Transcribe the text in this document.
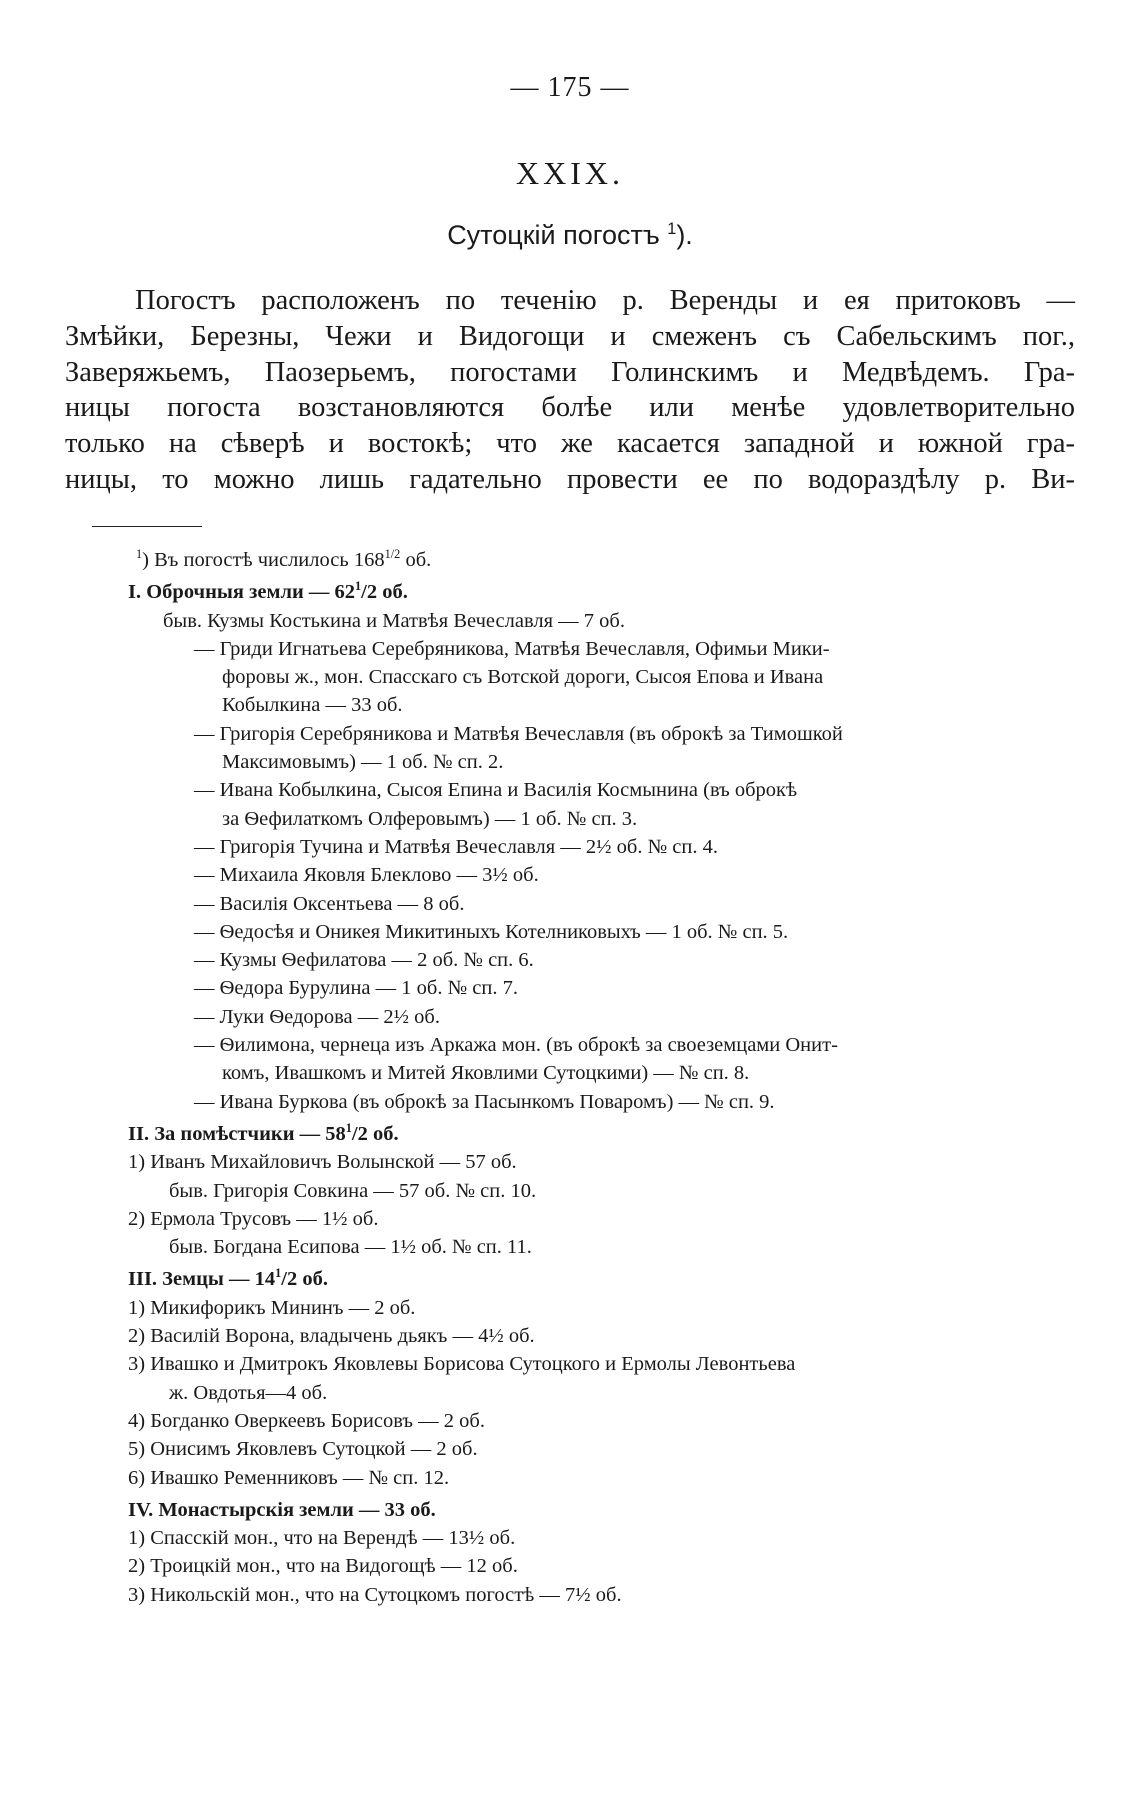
— 175 —
XXIX.
Сутоцкій погостъ $^1$).
Погостъ расположенъ по теченію р. Веренды и ея притоковъ —
Змѣйки, Березны, Чежи и Видогощи и смеженъ съ Сабельскимъ пог.,
Заверяжьемъ, Паозерьемъ, погостами Голинскимъ и Медвѣдемъ. Гра-
ницы погоста возстановляются болѣе или менѣе удовлетворительно
только на сѣверѣ и востокѣ; что же касается западной и южной гра-
ницы, то можно лишь гадательно провести ее по водораздѣлу р. Ви-
$^1$) Въ погостѣ числилось $168^{1/2}$ об.
I. Оброчныя земли — $62^1/2$ об.
быв. Кузмы Костькина и Матвѣя Вечеславля — 7 об.
— Гриди Игнатьева Серебряникова, Матвѣя Вечеславля, Офимьи Мики-
форовы ж., мон. Спасскаго съ Вотской дороги, Сысоя Епова и Ивана
Кобылкина — 33 об.
— Григорія Серебряникова и Матвѣя Вечеславля (въ оброкѣ за Тимошкой
Максимовымъ) — 1 об. № сп. 2.
— Ивана Кобылкина, Сысоя Епина и Василія Космынина (въ оброкѣ
за Ѳефилаткомъ Олферовымъ) — 1 об. № сп. 3.
— Григорія Тучина и Матвѣя Вечеславля — 2½ об. № сп. 4.
— Михаила Яковля Блеклово — 3½ об.
— Василія Оксентьева — 8 об.
— Ѳедосѣя и Оникея Микитиныхъ Котелниковыхъ — 1 об. № сп. 5.
— Кузмы Ѳефилатова — 2 об. № сп. 6.
— Ѳедора Бурулина — 1 об. № сп. 7.
— Луки Ѳедорова — 2½ об.
— Ѳилимона, чернеца изъ Аркажа мон. (въ оброкѣ за своеземцами Онит-
комъ, Ивашкомъ и Митей Яковлими Сутоцкими) — № сп. 8.
— Ивана Буркова (въ оброкѣ за Пасынкомъ Поваромъ) — № сп. 9.
II. За помѣстчики — $58^1/2$ об.
1) Иванъ Михайловичъ Волынской — 57 об.
быв. Григорія Совкина — 57 об. № сп. 10.
2) Ермола Трусовъ — 1½ об.
быв. Богдана Есипова — 1½ об. № сп. 11.
III. Земцы — $14^1/2$ об.
1) Микифорикъ Мининъ — 2 об.
2) Василій Ворона, владычень дьякъ — 4½ об.
3) Ивашко и Дмитрокъ Яковлевы Борисова Сутоцкого и Ермолы Левонтьева
ж. Овдотья—4 об.
4) Богданко Оверкеевъ Борисовъ — 2 об.
5) Онисимъ Яковлевъ Сутоцкой — 2 об.
6) Ивашко Ременниковъ — № сп. 12.
IV. Монастырскія земли — 33 об.
1) Спасскій мон., что на Верендѣ — 13½ об.
2) Троицкій мон., что на Видогощѣ — 12 об.
3) Никольскій мон., что на Сутоцкомъ погостѣ — 7½ об.
